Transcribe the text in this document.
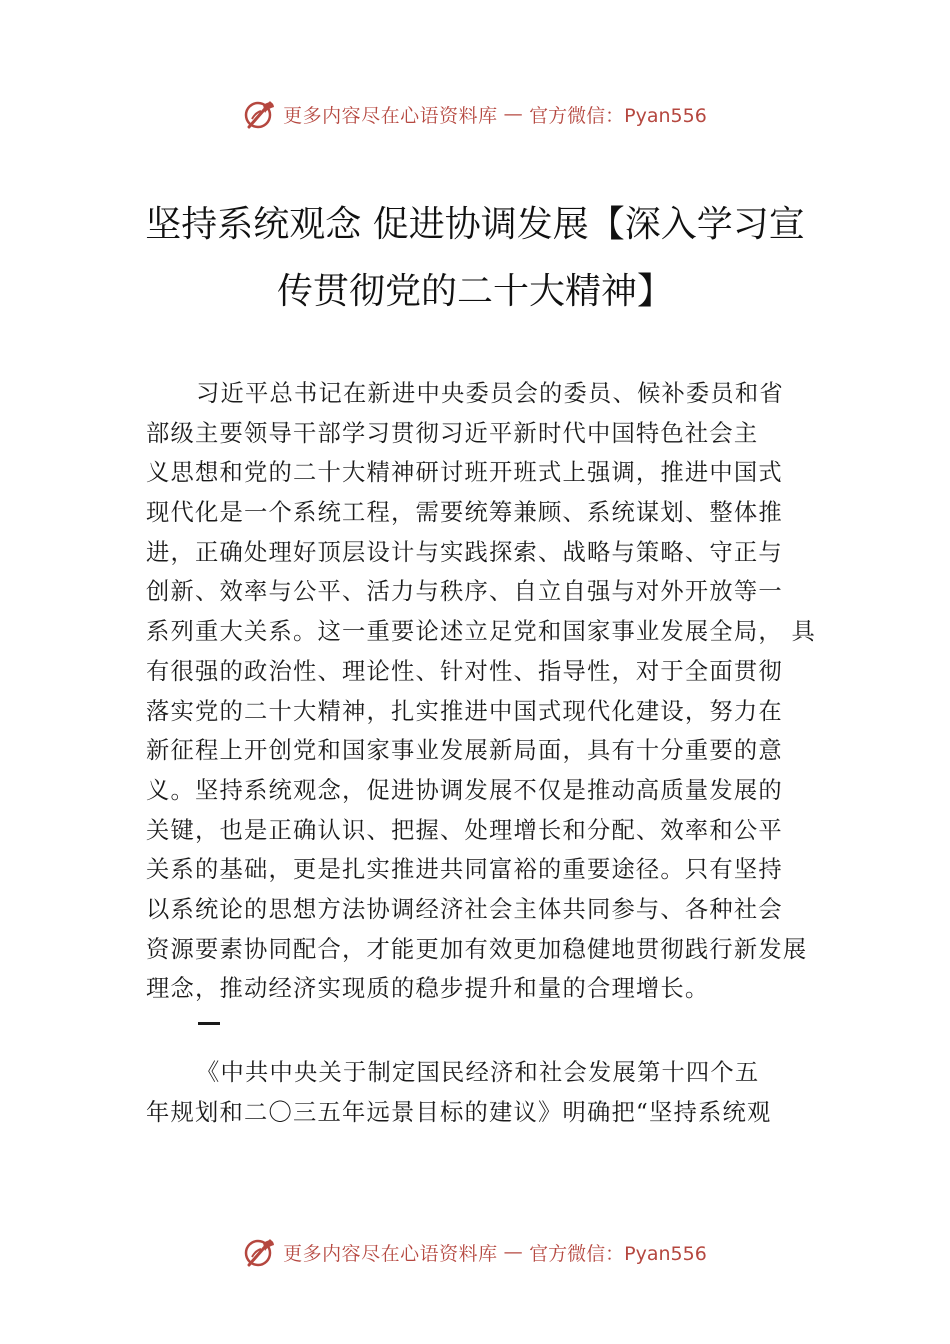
更多内容尽在心语资料库 — 官方微信：Pyan556
坚持系统观念 促进协调发展【深入学习宣
传贯彻党的二十大精神】
习近平总书记在新进中央委员会的委员、候补委员和省
部级主要领导干部学习贯彻习近平新时代中国特色社会主
义思想和党的二十大精神研讨班开班式上强调，推进中国式
现代化是一个系统工程，需要统筹兼顾、系统谋划、整体推
进，正确处理好顶层设计与实践探索、战略与策略、守正与
创新、效率与公平、活力与秩序、自立自强与对外开放等一
系列重大关系。这一重要论述立足党和国家事业发展全局， 具
有很强的政治性、理论性、针对性、指导性，对于全面贯彻
落实党的二十大精神，扎实推进中国式现代化建设，努力在
新征程上开创党和国家事业发展新局面，具有十分重要的意
义。坚持系统观念，促进协调发展不仅是推动高质量发展的
关键，也是正确认识、把握、处理增长和分配、效率和公平
关系的基础，更是扎实推进共同富裕的重要途径。只有坚持
以系统论的思想方法协调经济社会主体共同参与、各种社会
资源要素协同配合，才能更加有效更加稳健地贯彻践行新发展
理念，推动经济实现质的稳步提升和量的合理增长。
《中共中央关于制定国民经济和社会发展第十四个五
年规划和二〇三五年远景目标的建议》明确把“坚持系统观
更多内容尽在心语资料库 — 官方微信：Pyan556
